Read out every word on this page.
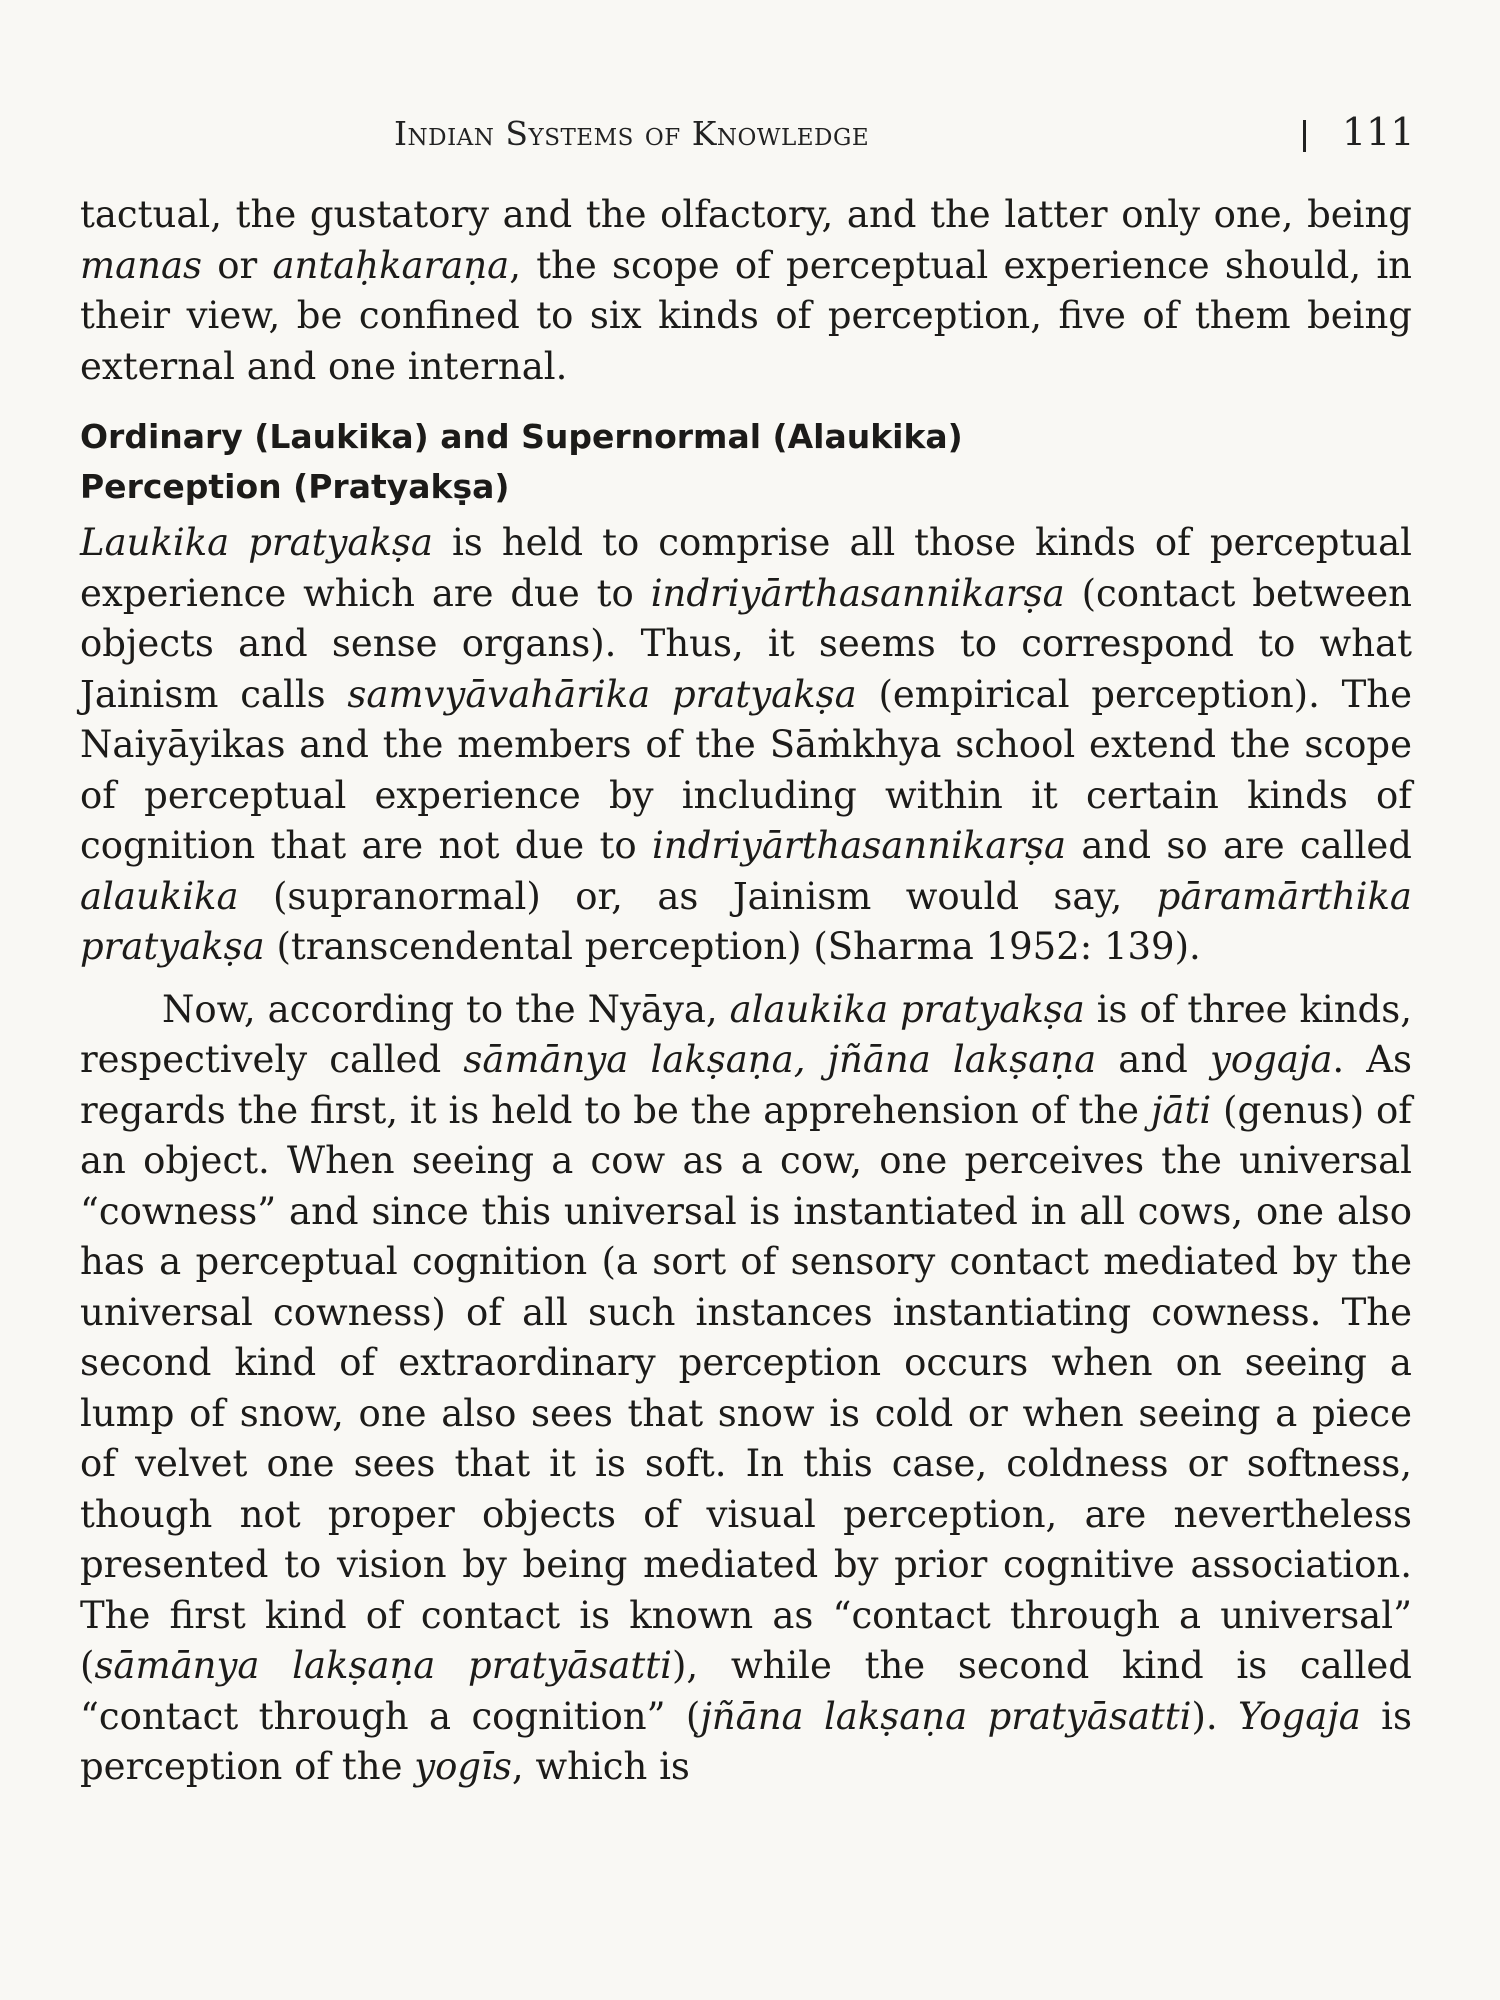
Indian Systems of Knowledge	111

tactual, the gustatory and the olfactory, and the latter only one, being manas or antaḥkaraṇa, the scope of perceptual experience should, in their view, be confined to six kinds of perception, five of them being external and one internal.

Ordinary (Laukika) and Supernormal (Alaukika)
Perception (Pratyakṣa)

Laukika pratyakṣa is held to comprise all those kinds of perceptual experience which are due to indriyārthasannikarṣa (contact between objects and sense organs). Thus, it seems to correspond to what Jainism calls samvyāvahārika pratyakṣa (empirical perception). The Naiyāyikas and the members of the Sāṁkhya school extend the scope of perceptual experience by including within it certain kinds of cognition that are not due to indriyārthasannikarṣa and so are called alaukika (supranormal) or, as Jainism would say, pāramārthika pratyakṣa (transcendental perception) (Sharma 1952: 139).

Now, according to the Nyāya, alaukika pratyakṣa is of three kinds, respectively called sāmānya lakṣaṇa, jñāna lakṣaṇa and yogaja. As regards the first, it is held to be the apprehension of the jāti (genus) of an object. When seeing a cow as a cow, one perceives the universal “cowness” and since this universal is instantiated in all cows, one also has a perceptual cognition (a sort of sensory contact mediated by the universal cowness) of all such instances instantiating cowness. The second kind of extraordinary perception occurs when on seeing a lump of snow, one also sees that snow is cold or when seeing a piece of velvet one sees that it is soft. In this case, coldness or softness, though not proper objects of visual perception, are nevertheless presented to vision by being mediated by prior cognitive association. The first kind of contact is known as “contact through a universal” (sāmānya lakṣaṇa pratyāsatti), while the second kind is called “contact through a cognition” (jñāna lakṣaṇa pratyāsatti). Yogaja is perception of the yogīs, which is
